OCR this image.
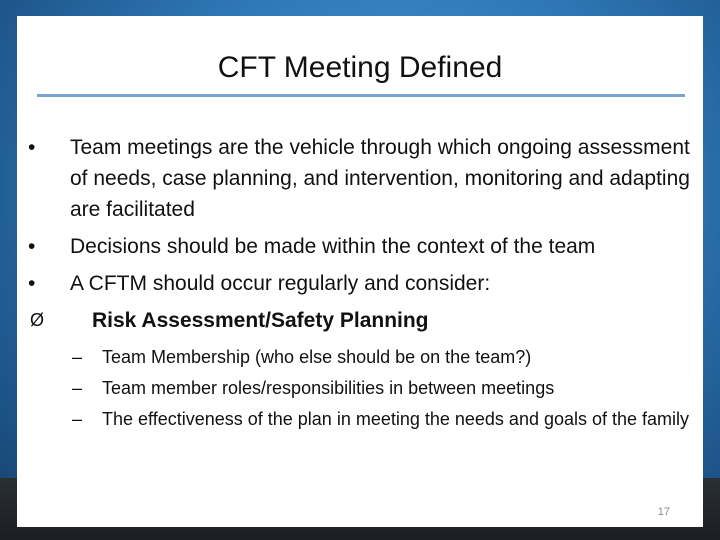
CFT Meeting Defined
•	Team meetings are the vehicle through which ongoing assessment of needs, case planning, and intervention, monitoring and adapting are facilitated
•	Decisions should be made within the context of the team
•	A CFTM should occur regularly and consider:
Ø	Risk Assessment/Safety Planning
–	Team Membership (who else should be on the team?)
–	Team member roles/responsibilities in between meetings
–	The effectiveness of the plan in meeting the needs and goals of the family
17
